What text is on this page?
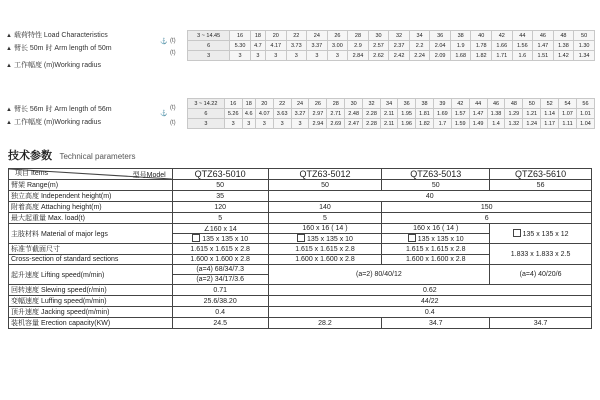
▲ 载荷特性 Load Characteristics
▲ 臂长 50m 时 Arm length of 50m
▲ 工作幅度 (m)Working radius
⚓ (t)
(t)
3 ~ 14.45	16	18	20	22	24	26	28	30	32	34	36	38	40	42	44	46	48	50
6	5.30	4.7	4.17	3.73	3.37	3.00	2.9	2.57	2.37	2.2	2.04	1.9	1.78	1.66	1.56	1.47	1.38	1.30
3	3	3	3	3	3	3	2.84	2.62	2.42	2.24	2.09	1.68	1.82	1.71	1.6	1.51	1.42	1.34
▲ 臂长 56m 时 Arm length of 56m
▲ 工作幅度 (m)Working radius
⚓
(t)
(t)
3 ~ 14.22	16	18	20	22	24	26	28	30	32	34	36	38	39	42	44	46	48	50	52	54	56
6	5.26	4.6	4.07	3.63	3.27	2.97	2.71	2.48	2.28	2.11	1.95	1.81	1.69	1.57	1.47	1.38	1.29	1.21	1.14	1.07	1.01
3	3	3	3	3	3	2.94	2.69	2.47	2.28	2.11	1.96	1.82	1.7	1.59	1.49	1.4	1.32	1.24	1.17	1.11	1.04
技术参数 Technical parameters
型号Model
项目 Items	QTZ63-5010	QTZ63-5012	QTZ63-5013	QTZ63-5610
臂架 Range(m)	50	50	50	56
独立高度 Independent height(m)	35	40		
附着高度 Attaching height(m)	120	140	150	
最大起重量 Max. load(t)	5	5	6	
主肢材料 Material of major legs	∠160 x 14	160 x 16 ( 14 )	160 x 16 ( 14 )	135 x 135 x 12
	135 x 135 x 10	135 x 135 x 10	135 x 135 x 10	
标准节截面尺寸	1.615 x 1.615 x 2.8	1.615 x 1.615 x 2.8	1.615 x 1.615 x 2.8	1.833 x 1.833 x 2.5
Cross-section of standard sections	1.600 x 1.600 x 2.8	1.600 x 1.600 x 2.8	1.600 x 1.600 x 2.8	
起升速度 Lifting speed(m/min)	(a=4) 68/34/7.3	(a=2) 80/40/12		(a=4) 40/20/6
	(a=2) 34/17/3.6			
回转速度 Slewing speed(r/min)	0.71	0.62		
变幅速度 Luffing speed(m/min)	25.6/38.20	44/22		
顶升速度 Jacking speed(m/min)	0.4	0.4		
装机容量 Erection capacity(KW)	24.5	28.2	34.7	34.7
